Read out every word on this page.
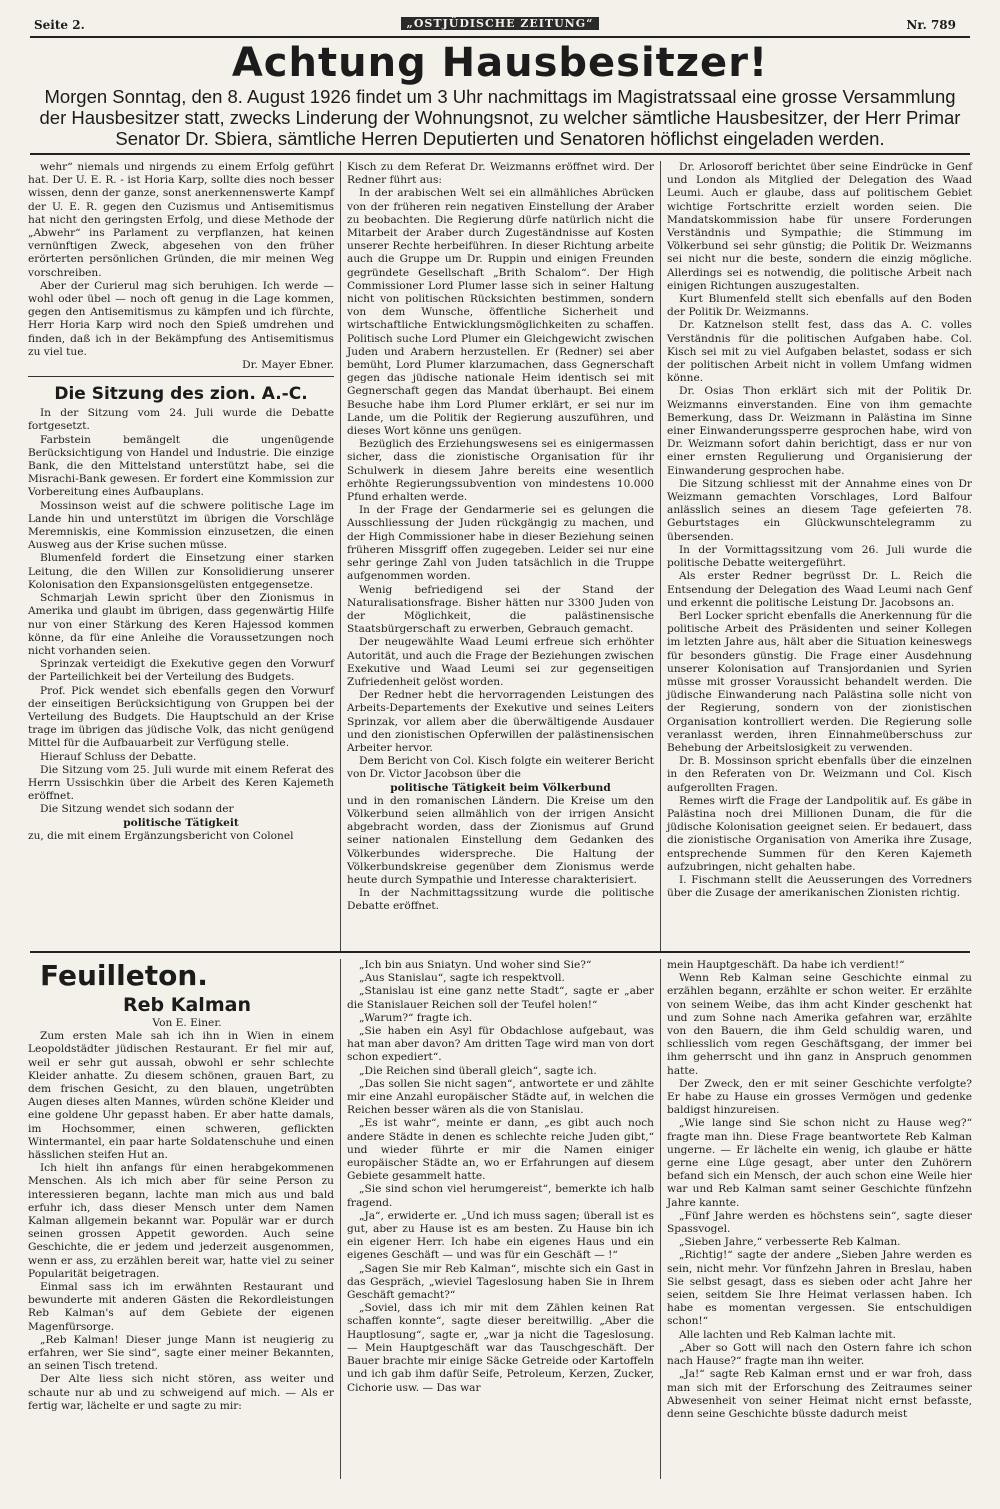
Seite 2.	„OSTJÜDISCHE ZEITUNG“	Nr. 789
Achtung Hausbesitzer!
Morgen Sonntag, den 8. August 1926 findet um 3 Uhr nachmittags im Magistratssaal eine grosse Versammlung der Hausbesitzer statt, zwecks Linderung der Wohnungsnot, zu welcher sämtliche Hausbesitzer, der Herr Primar Senator Dr. Sbiera, sämtliche Herren Deputierten und Senatoren höflichst eingeladen werden.

wehr“ niemals und nirgends zu einem Erfolg geführt hat. Der U. E. R. - ist Horia Karp, sollte dies noch besser wissen, denn der ganze, sonst anerkennenswerte Kampf der U. E. R. gegen den Cuzismus und Antisemitismus hat nicht den geringsten Erfolg, und diese Methode der „Abwehr“ ins Parlament zu verpflanzen, hat keinen vernünftigen Zweck, abgesehen von den früher erörterten persönlichen Gründen, die mir meinen Weg vorschreiben.

Aber der Curierul mag sich beruhigen. Ich werde — wohl oder übel — noch oft genug in die Lage kommen, gegen den Antisemitismus zu kämpfen und ich fürchte, Herr Horia Karp wird noch den Spieß umdrehen und finden, daß ich in der Bekämpfung des Antisemitismus zu viel tue.

Dr. Mayer Ebner.

Die Sitzung des zion. A.-C.

In der Sitzung vom 24. Juli wurde die Debatte fortgesetzt.

Farbstein bemängelt die ungenügende Berücksichtigung von Handel und Industrie. Die einzige Bank, die den Mittelstand unterstützt habe, sei die Misrachi-Bank gewesen. Er fordert eine Kommission zur Vorbereitung eines Aufbauplans.

Mossinson weist auf die schwere politische Lage im Lande hin und unterstützt im übrigen die Vorschläge Meremniskis, eine Kommission einzusetzen, die einen Ausweg aus der Krise suchen müsse.

Blumenfeld fordert die Einsetzung einer starken Leitung, die den Willen zur Konsolidierung unserer Kolonisation den Expansionsgelüsten entgegensetze.

Schmarjah Lewin spricht über den Zionismus in Amerika und glaubt im übrigen, dass gegenwärtig Hilfe nur von einer Stärkung des Keren Hajessod kommen könne, da für eine Anleihe die Voraussetzungen noch nicht vorhanden seien.

Sprinzak verteidigt die Exekutive gegen den Vorwurf der Parteilichkeit bei der Verteilung des Budgets.

Prof. Pick wendet sich ebenfalls gegen den Vorwurf der einseitigen Berücksichtigung von Gruppen bei der Verteilung des Budgets. Die Hauptschuld an der Krise trage im übrigen das jüdische Volk, das nicht genügend Mittel für die Aufbauarbeit zur Verfügung stelle.

Hierauf Schluss der Debatte.

Die Sitzung vom 25. Juli wurde mit einem Referat des Herrn Ussischkin über die Arbeit des Keren Kajemeth eröffnet.

Die Sitzung wendet sich sodann der

politische Tätigkeit

zu, die mit einem Ergänzungsbericht von Colonel

Kisch zu dem Referat Dr. Weizmanns eröffnet wird. Der Redner führt aus:

In der arabischen Welt sei ein allmähliches Abrücken von der früheren rein negativen Einstellung der Araber zu beobachten. Die Regierung dürfe natürlich nicht die Mitarbeit der Araber durch Zugeständnisse auf Kosten unserer Rechte herbeiführen. In dieser Richtung arbeite auch die Gruppe um Dr. Ruppin und einigen Freunden gegründete Gesellschaft „Brith Schalom“. Der High Commissioner Lord Plumer lasse sich in seiner Haltung nicht von politischen Rücksichten bestimmen, sondern von dem Wunsche, öffentliche Sicherheit und wirtschaftliche Entwicklungsmöglichkeiten zu schaffen. Politisch suche Lord Plumer ein Gleichgewicht zwischen Juden und Arabern herzustellen. Er (Redner) sei aber bemüht, Lord Plumer klarzumachen, dass Gegnerschaft gegen das jüdische nationale Heim identisch sei mit Gegnerschaft gegen das Mandat überhaupt. Bei einem Besuche habe ihm Lord Plumer erklärt, er sei nur im Lande, um die Politik der Regierung auszuführen, und dieses Wort könne uns genügen.

Bezüglich des Erziehungswesens sei es einigermassen sicher, dass die zionistische Organisation für ihr Schulwerk in diesem Jahre bereits eine wesentlich erhöhte Regierungssubvention von mindestens 10.000 Pfund erhalten werde.

In der Frage der Gendarmerie sei es gelungen die Ausschliessung der Juden rückgängig zu machen, und der High Commissioner habe in dieser Beziehung seinen früheren Missgriff offen zugegeben. Leider sei nur eine sehr geringe Zahl von Juden tatsächlich in die Truppe aufgenommen worden.

Wenig befriedigend sei der Stand der Naturalisationsfrage. Bisher hätten nur 3300 Juden von der Möglichkeit, die palästinensische Staatsbürgerschaft zu erwerben, Gebrauch gemacht.

Der neugewählte Waad Leumi erfreue sich erhöhter Autorität, und auch die Frage der Beziehungen zwischen Exekutive und Waad Leumi sei zur gegenseitigen Zufriedenheit gelöst worden.

Der Redner hebt die hervorragenden Leistungen des Arbeits-Departements der Exekutive und seines Leiters Sprinzak, vor allem aber die überwältigende Ausdauer und den zionistischen Opferwillen der palästinensischen Arbeiter hervor.

Dem Bericht von Col. Kisch folgte ein weiterer Bericht von Dr. Victor Jacobson über die

politische Tätigkeit beim Völkerbund

und in den romanischen Ländern. Die Kreise um den Völkerbund seien allmählich von der irrigen Ansicht abgebracht worden, dass der Zionismus auf Grund seiner nationalen Einstellung dem Gedanken des Völkerbundes widerspreche. Die Haltung der Völkerbundskreise gegenüber dem Zionismus werde heute durch Sympathie und Interesse charakterisiert.

In der Nachmittagssitzung wurde die politische Debatte eröffnet.

Dr. Arlosoroff berichtet über seine Eindrücke in Genf und London als Mitglied der Delegation des Waad Leumi. Auch er glaube, dass auf politischem Gebiet wichtige Fortschritte erzielt worden seien. Die Mandatskommission habe für unsere Forderungen Verständnis und Sympathie; die Stimmung im Völkerbund sei sehr günstig; die Politik Dr. Weizmanns sei nicht nur die beste, sondern die einzig mögliche. Allerdings sei es notwendig, die politische Arbeit nach einigen Richtungen auszugestalten.

Kurt Blumenfeld stellt sich ebenfalls auf den Boden der Politik Dr. Weizmanns.

Dr. Katznelson stellt fest, dass das A. C. volles Verständnis für die politischen Aufgaben habe. Col. Kisch sei mit zu viel Aufgaben belastet, sodass er sich der politischen Arbeit nicht in vollem Umfang widmen könne.

Dr. Osias Thon erklärt sich mit der Politik Dr. Weizmanns einverstanden. Eine von ihm gemachte Bemerkung, dass Dr. Weizmann in Palästina im Sinne einer Einwanderungssperre gesprochen habe, wird von Dr. Weizmann sofort dahin berichtigt, dass er nur von einer ernsten Regulierung und Organisierung der Einwanderung gesprochen habe.

Die Sitzung schliesst mit der Annahme eines von Dr Weizmann gemachten Vorschlages, Lord Balfour anlässlich seines an diesem Tage gefeierten 78. Geburtstages ein Glückwunschtelegramm zu übersenden.

In der Vormittagssitzung vom 26. Juli wurde die politische Debatte weitergeführt.

Als erster Redner begrüsst Dr. L. Reich die Entsendung der Delegation des Waad Leumi nach Genf und erkennt die politische Leistung Dr. Jacobsons an.

Berl Locker spricht ebenfalls die Anerkennung für die politische Arbeit des Präsidenten und seiner Kollegen im letzten Jahre aus, hält aber die Situation keineswegs für besonders günstig. Die Frage einer Ausdehnung unserer Kolonisation auf Transjordanien und Syrien müsse mit grosser Voraussicht behandelt werden. Die jüdische Einwanderung nach Palästina solle nicht von der Regierung, sondern von der zionistischen Organisation kontrolliert werden. Die Regierung solle veranlasst werden, ihren Einnahmeüberschuss zur Behebung der Arbeitslosigkeit zu verwenden.

Dr. B. Mossinson spricht ebenfalls über die einzelnen in den Referaten von Dr. Weizmann und Col. Kisch aufgerollten Fragen.

Remes wirft die Frage der Landpolitik auf. Es gäbe in Palästina noch drei Millionen Dunam, die für die jüdische Kolonisation geeignet seien. Er bedauert, dass die zionistische Organisation von Amerika ihre Zusage, entsprechende Summen für den Keren Kajemeth aufzubringen, nicht gehalten habe.

I. Fischmann stellt die Aeusserungen des Vorredners über die Zusage der amerikanischen Zionisten richtig.

Feuilleton.

Reb Kalman

Von E. Einer.

Zum ersten Male sah ich ihn in Wien in einem Leopoldstädter jüdischen Restaurant. Er fiel mir auf, weil er sehr gut aussah, obwohl er sehr schlechte Kleider anhatte. Zu diesem schönen, grauen Bart, zu dem frischen Gesicht, zu den blauen, ungetrübten Augen dieses alten Mannes, würden schöne Kleider und eine goldene Uhr gepasst haben. Er aber hatte damals, im Hochsommer, einen schweren, geflickten Wintermantel, ein paar harte Soldatenschuhe und einen hässlichen steifen Hut an.

Ich hielt ihn anfangs für einen herabgekommenen Menschen. Als ich mich aber für seine Person zu interessieren begann, lachte man mich aus und bald erfuhr ich, dass dieser Mensch unter dem Namen Kalman allgemein bekannt war. Populär war er durch seinen grossen Appetit geworden. Auch seine Geschichte, die er jedem und jederzeit ausgenommen, wenn er ass, zu erzählen bereit war, hatte viel zu seiner Popularität beigetragen.

Einmal sass ich im erwähnten Restaurant und bewunderte mit anderen Gästen die Rekordleistungen Reb Kalman's auf dem Gebiete der eigenen Magenfürsorge.

„Reb Kalman! Dieser junge Mann ist neugierig zu erfahren, wer Sie sind“, sagte einer meiner Bekannten, an seinen Tisch tretend.

Der Alte liess sich nicht stören, ass weiter und schaute nur ab und zu schweigend auf mich. — Als er fertig war, lächelte er und sagte zu mir:

„Ich bin aus Sniatyn. Und woher sind Sie?“

„Aus Stanislau“, sagte ich respektvoll.

„Stanislau ist eine ganz nette Stadt“, sagte er „aber die Stanislauer Reichen soll der Teufel holen!“

„Warum?“ fragte ich.

„Sie haben ein Asyl für Obdachlose aufgebaut, was hat man aber davon? Am dritten Tage wird man von dort schon expediert“.

„Die Reichen sind überall gleich“, sagte ich.

„Das sollen Sie nicht sagen“, antwortete er und zählte mir eine Anzahl europäischer Städte auf, in welchen die Reichen besser wären als die von Stanislau.

„Es ist wahr“, meinte er dann, „es gibt auch noch andere Städte in denen es schlechte reiche Juden gibt,“ und wieder führte er mir die Namen einiger europäischer Städte an, wo er Erfahrungen auf diesem Gebiete gesammelt hatte.

„Sie sind schon viel herumgereist“, bemerkte ich halb fragend.

„Ja“, erwiderte er. „Und ich muss sagen; überall ist es gut, aber zu Hause ist es am besten. Zu Hause bin ich ein eigener Herr. Ich habe ein eigenes Haus und ein eigenes Geschäft — und was für ein Geschäft — !“

„Sagen Sie mir Reb Kalman“, mischte sich ein Gast in das Gespräch, „wieviel Tageslosung haben Sie in Ihrem Geschäft gemacht?“

„Soviel, dass ich mir mit dem Zählen keinen Rat schaffen konnte“, sagte dieser bereitwillig. „Aber die Hauptlosung“, sagte er, „war ja nicht die Tageslosung. — Mein Hauptgeschäft war das Tauschgeschäft. Der Bauer brachte mir einige Säcke Getreide oder Kartoffeln und ich gab ihm dafür Seife, Petroleum, Kerzen, Zucker, Cichorie usw. — Das war

mein Hauptgeschäft. Da habe ich verdient!“

Wenn Reb Kalman seine Geschichte einmal zu erzählen begann, erzählte er schon weiter. Er erzählte von seinem Weibe, das ihm acht Kinder geschenkt hat und zum Sohne nach Amerika gefahren war, erzählte von den Bauern, die ihm Geld schuldig waren, und schliesslich vom regen Geschäftsgang, der immer bei ihm geherrscht und ihn ganz in Anspruch genommen hatte.

Der Zweck, den er mit seiner Geschichte verfolgte? Er habe zu Hause ein grosses Vermögen und gedenke baldigst hinzureisen.

„Wie lange sind Sie schon nicht zu Hause weg?“ fragte man ihn. Diese Frage beantwortete Reb Kalman ungerne. — Er lächelte ein wenig, ich glaube er hätte gerne eine Lüge gesagt, aber unter den Zuhörern befand sich ein Mensch, der auch schon eine Weile hier war und Reb Kalman samt seiner Geschichte fünfzehn Jahre kannte.

„Fünf Jahre werden es höchstens sein“, sagte dieser Spassvogel.

„Sieben Jahre,“ verbesserte Reb Kalman.

„Richtig!“ sagte der andere „Sieben Jahre werden es sein, nicht mehr. Vor fünfzehn Jahren in Breslau, haben Sie selbst gesagt, dass es sieben oder acht Jahre her seien, seitdem Sie Ihre Heimat verlassen haben. Ich habe es momentan vergessen. Sie entschuldigen schon!“

Alle lachten und Reb Kalman lachte mit.

„Aber so Gott will nach den Ostern fahre ich schon nach Hause?“ fragte man ihn weiter.

„Ja!“ sagte Reb Kalman ernst und er war froh, dass man sich mit der Erforschung des Zeitraumes seiner Abwesenheit von seiner Heimat nicht ernst befasste, denn seine Geschichte büsste dadurch meist
